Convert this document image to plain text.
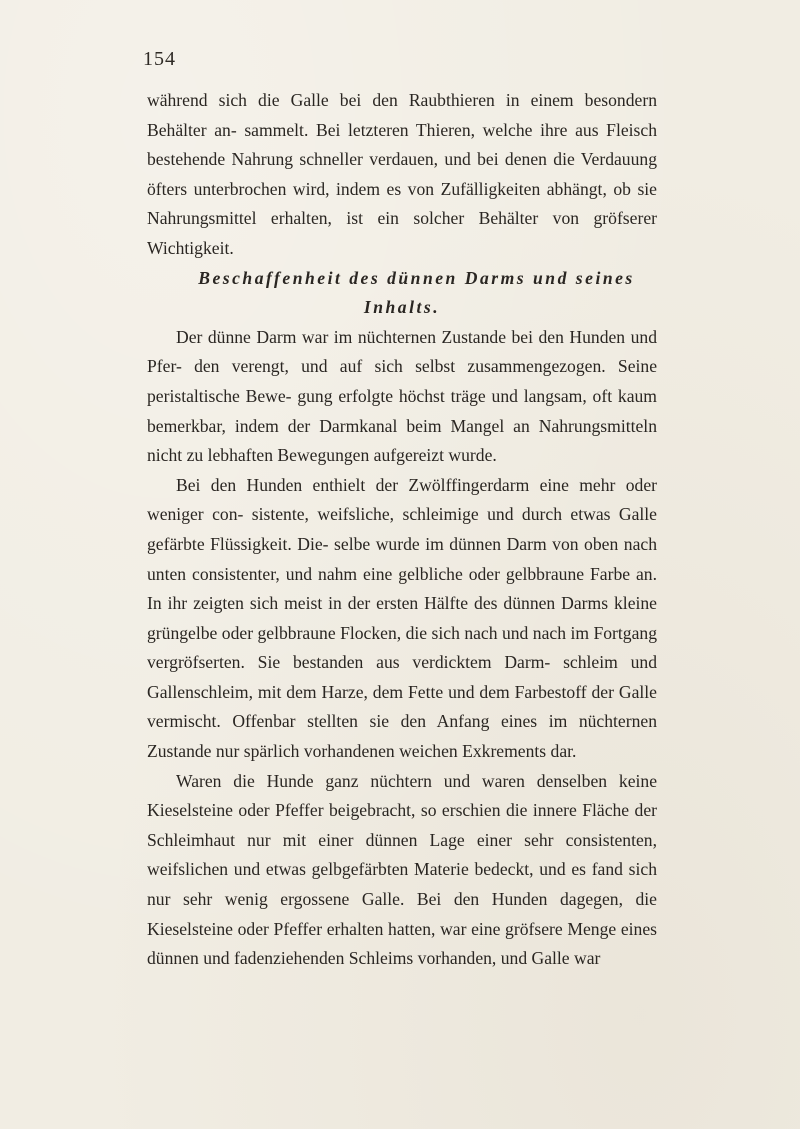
154

während sich die Galle bei den Raubthieren in einem besondern Behälter an- sammelt. Bei letzteren Thieren, welche ihre aus Fleisch bestehende Nahrung schneller verdauen, und bei denen die Verdauung öfters unterbrochen wird, indem es von Zufälligkeiten abhängt, ob sie Nahrungsmittel erhalten, ist ein solcher Behälter von gröfserer Wichtigkeit.

Beschaffenheit des dünnen Darms und seines Inhalts.

Der dünne Darm war im nüchternen Zustande bei den Hunden und Pfer- den verengt, und auf sich selbst zusammengezogen. Seine peristaltische Bewe- gung erfolgte höchst träge und langsam, oft kaum bemerkbar, indem der Darmkanal beim Mangel an Nahrungsmitteln nicht zu lebhaften Bewegungen aufgereizt wurde.

Bei den Hunden enthielt der Zwölffingerdarm eine mehr oder weniger con- sistente, weifsliche, schleimige und durch etwas Galle gefärbte Flüssigkeit. Die- selbe wurde im dünnen Darm von oben nach unten consistenter, und nahm eine gelbliche oder gelbbraune Farbe an. In ihr zeigten sich meist in der ersten Hälfte des dünnen Darms kleine grüngelbe oder gelbbraune Flocken, die sich nach und nach im Fortgang vergröfserten. Sie bestanden aus verdicktem Darm- schleim und Gallenschleim, mit dem Harze, dem Fette und dem Farbestoff der Galle vermischt. Offenbar stellten sie den Anfang eines im nüchternen Zustande nur spärlich vorhandenen weichen Exkrements dar.

Waren die Hunde ganz nüchtern und waren denselben keine Kieselsteine oder Pfeffer beigebracht, so erschien die innere Fläche der Schleimhaut nur mit einer dünnen Lage einer sehr consistenten, weifslichen und etwas gelbgefärbten Materie bedeckt, und es fand sich nur sehr wenig ergossene Galle. Bei den Hunden dagegen, die Kieselsteine oder Pfeffer erhalten hatten, war eine gröfsere Menge eines dünnen und fadenziehenden Schleims vorhanden, und Galle war
